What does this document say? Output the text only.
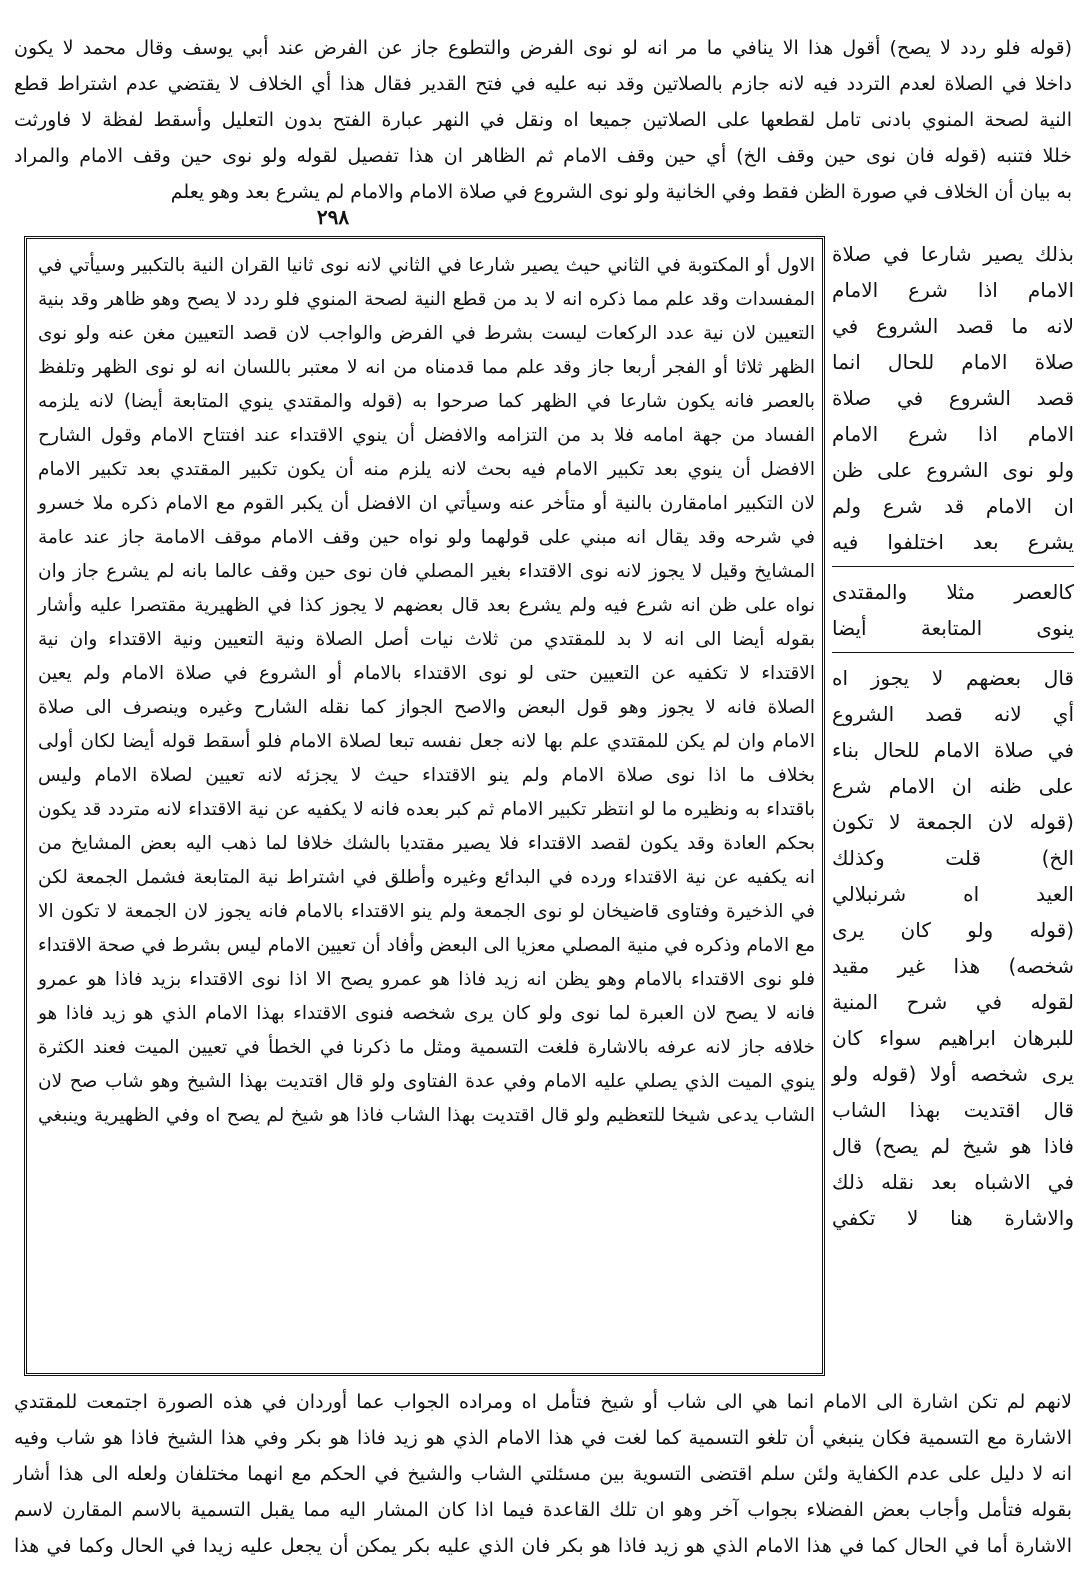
(قوله فلو ردد لا يصح) أقول هذا الا ينافي ما مر انه لو نوى الفرض والتطوع جاز عن الفرض عند أبي يوسف وقال محمد لا يكون
داخلا في الصلاة لعدم التردد فيه لانه جازم بالصلاتين وقد نبه عليه في فتح القدير فقال هذا أي الخلاف لا يقتضي عدم اشتراط قطع
النية لصحة المنوي بادنى تامل لقطعها على الصلاتين جميعا اه ونقل في النهر عبارة الفتح بدون التعليل وأسقط لفظة لا فاورثت
خللا فتنبه (قوله فان نوى حين وقف الخ) أي حين وقف الامام ثم الظاهر ان هذا تفصيل لقوله ولو نوى حين وقف الامام والمراد
به بيان أن الخلاف في صورة الظن فقط وفي الخانية ولو نوى الشروع في صلاة الامام والامام لم يشرع بعد وهو يعلم
٢٩٨
بذلك يصير شارعا في صلاة
الامام اذا شرع الامام
لانه ما قصد الشروع في
صلاة الامام للحال انما
قصد الشروع في صلاة
الامام اذا شرع الامام
ولو نوى الشروع على ظن
ان الامام قد شرع ولم
يشرع بعد اختلفوا فيه
كالعصر مثلا والمقتدى
ينوى المتابعة أيضا
قال بعضهم لا يجوز اه
أي لانه قصد الشروع
في صلاة الامام للحال بناء
على ظنه ان الامام شرع
(قوله لان الجمعة لا تكون
الخ) قلت وكذلك
العيد اه شرنبلالي
(قوله ولو كان يرى
شخصه) هذا غير مقيد
لقوله في شرح المنية
للبرهان ابراهيم سواء كان
يرى شخصه أولا (قوله ولو
قال اقتديت بهذا الشاب
فاذا هو شيخ لم يصح) قال
في الاشباه بعد نقله ذلك
والاشارة هنا لا تكفي
الاول أو المكتوبة في الثاني حيث يصير شارعا في الثاني لانه نوى ثانيا القران النية بالتكبير وسيأتي في
المفسدات وقد علم مما ذكره انه لا بد من قطع النية لصحة المنوي فلو ردد لا يصح وهو ظاهر وقد بنية
التعيين لان نية عدد الركعات ليست بشرط في الفرض والواجب لان قصد التعيين مغن عنه ولو نوى
الظهر ثلاثا أو الفجر أربعا جاز وقد علم مما قدمناه من انه لا معتبر باللسان انه لو نوى الظهر وتلفظ
بالعصر فانه يكون شارعا في الظهر كما صرحوا به (قوله والمقتدي ينوي المتابعة أيضا) لانه يلزمه
الفساد من جهة امامه فلا بد من التزامه والافضل أن ينوي الاقتداء عند افتتاح الامام وقول الشارح
الافضل أن ينوي بعد تكبير الامام فيه بحث لانه يلزم منه أن يكون تكبير المقتدي بعد تكبير الامام
لان التكبير امامقارن بالنية أو متأخر عنه وسيأتي ان الافضل أن يكبر القوم مع الامام ذكره ملا خسرو
في شرحه وقد يقال انه مبني على قولهما ولو نواه حين وقف الامام موقف الامامة جاز عند عامة
المشايخ وقيل لا يجوز لانه نوى الاقتداء بغير المصلي فان نوى حين وقف عالما بانه لم يشرع جاز وان
نواه على ظن انه شرع فيه ولم يشرع بعد قال بعضهم لا يجوز كذا في الظهيرية مقتصرا عليه وأشار
بقوله أيضا الى انه لا بد للمقتدي من ثلاث نيات أصل الصلاة ونية التعيين ونية الاقتداء وان نية
الاقتداء لا تكفيه عن التعيين حتى لو نوى الاقتداء بالامام أو الشروع في صلاة الامام ولم يعين
الصلاة فانه لا يجوز وهو قول البعض والاصح الجواز كما نقله الشارح وغيره وينصرف الى صلاة
الامام وان لم يكن للمقتدي علم بها لانه جعل نفسه تبعا لصلاة الامام فلو أسقط قوله أيضا لكان أولى
بخلاف ما اذا نوى صلاة الامام ولم ينو الاقتداء حيث لا يجزئه لانه تعيين لصلاة الامام وليس
باقتداء به ونظيره ما لو انتظر تكبير الامام ثم كبر بعده فانه لا يكفيه عن نية الاقتداء لانه متردد قد يكون
بحكم العادة وقد يكون لقصد الاقتداء فلا يصير مقتديا بالشك خلافا لما ذهب اليه بعض المشايخ من
انه يكفيه عن نية الاقتداء ورده في البدائع وغيره وأطلق في اشتراط نية المتابعة فشمل الجمعة لكن
في الذخيرة وفتاوى قاضيخان لو نوى الجمعة ولم ينو الاقتداء بالامام فانه يجوز لان الجمعة لا تكون الا
مع الامام وذكره في منية المصلي معزيا الى البعض وأفاد أن تعيين الامام ليس بشرط في صحة الاقتداء
فلو نوى الاقتداء بالامام وهو يظن انه زيد فاذا هو عمرو يصح الا اذا نوى الاقتداء بزيد فاذا هو عمرو
فانه لا يصح لان العبرة لما نوى ولو كان يرى شخصه فنوى الاقتداء بهذا الامام الذي هو زيد فاذا هو
خلافه جاز لانه عرفه بالاشارة فلغت التسمية ومثل ما ذكرنا في الخطأ في تعيين الميت فعند الكثرة
ينوي الميت الذي يصلي عليه الامام وفي عدة الفتاوى ولو قال اقتديت بهذا الشيخ وهو شاب صح لان
الشاب يدعى شيخا للتعظيم ولو قال اقتديت بهذا الشاب فاذا هو شيخ لم يصح اه وفي الظهيرية وينبغي
لانهم لم تكن اشارة الى الامام انما هي الى شاب أو شيخ فتأمل اه ومراده الجواب عما أوردان في هذه الصورة اجتمعت للمقتدي
الاشارة مع التسمية فكان ينبغي أن تلغو التسمية كما لغت في هذا الامام الذي هو زيد فاذا هو بكر وفي هذا الشيخ فاذا هو شاب وفيه
انه لا دليل على عدم الكفاية ولئن سلم اقتضى التسوية بين مسئلتي الشاب والشيخ في الحكم مع انهما مختلفان ولعله الى هذا أشار
بقوله فتأمل وأجاب بعض الفضلاء بجواب آخر وهو ان تلك القاعدة فيما اذا كان المشار اليه مما يقبل التسمية بالاسم المقارن لاسم
الاشارة أما في الحال كما في هذا الامام الذي هو زيد فاذا هو بكر فان الذي عليه بكر يمكن أن يجعل عليه زيدا في الحال وكما في هذا
